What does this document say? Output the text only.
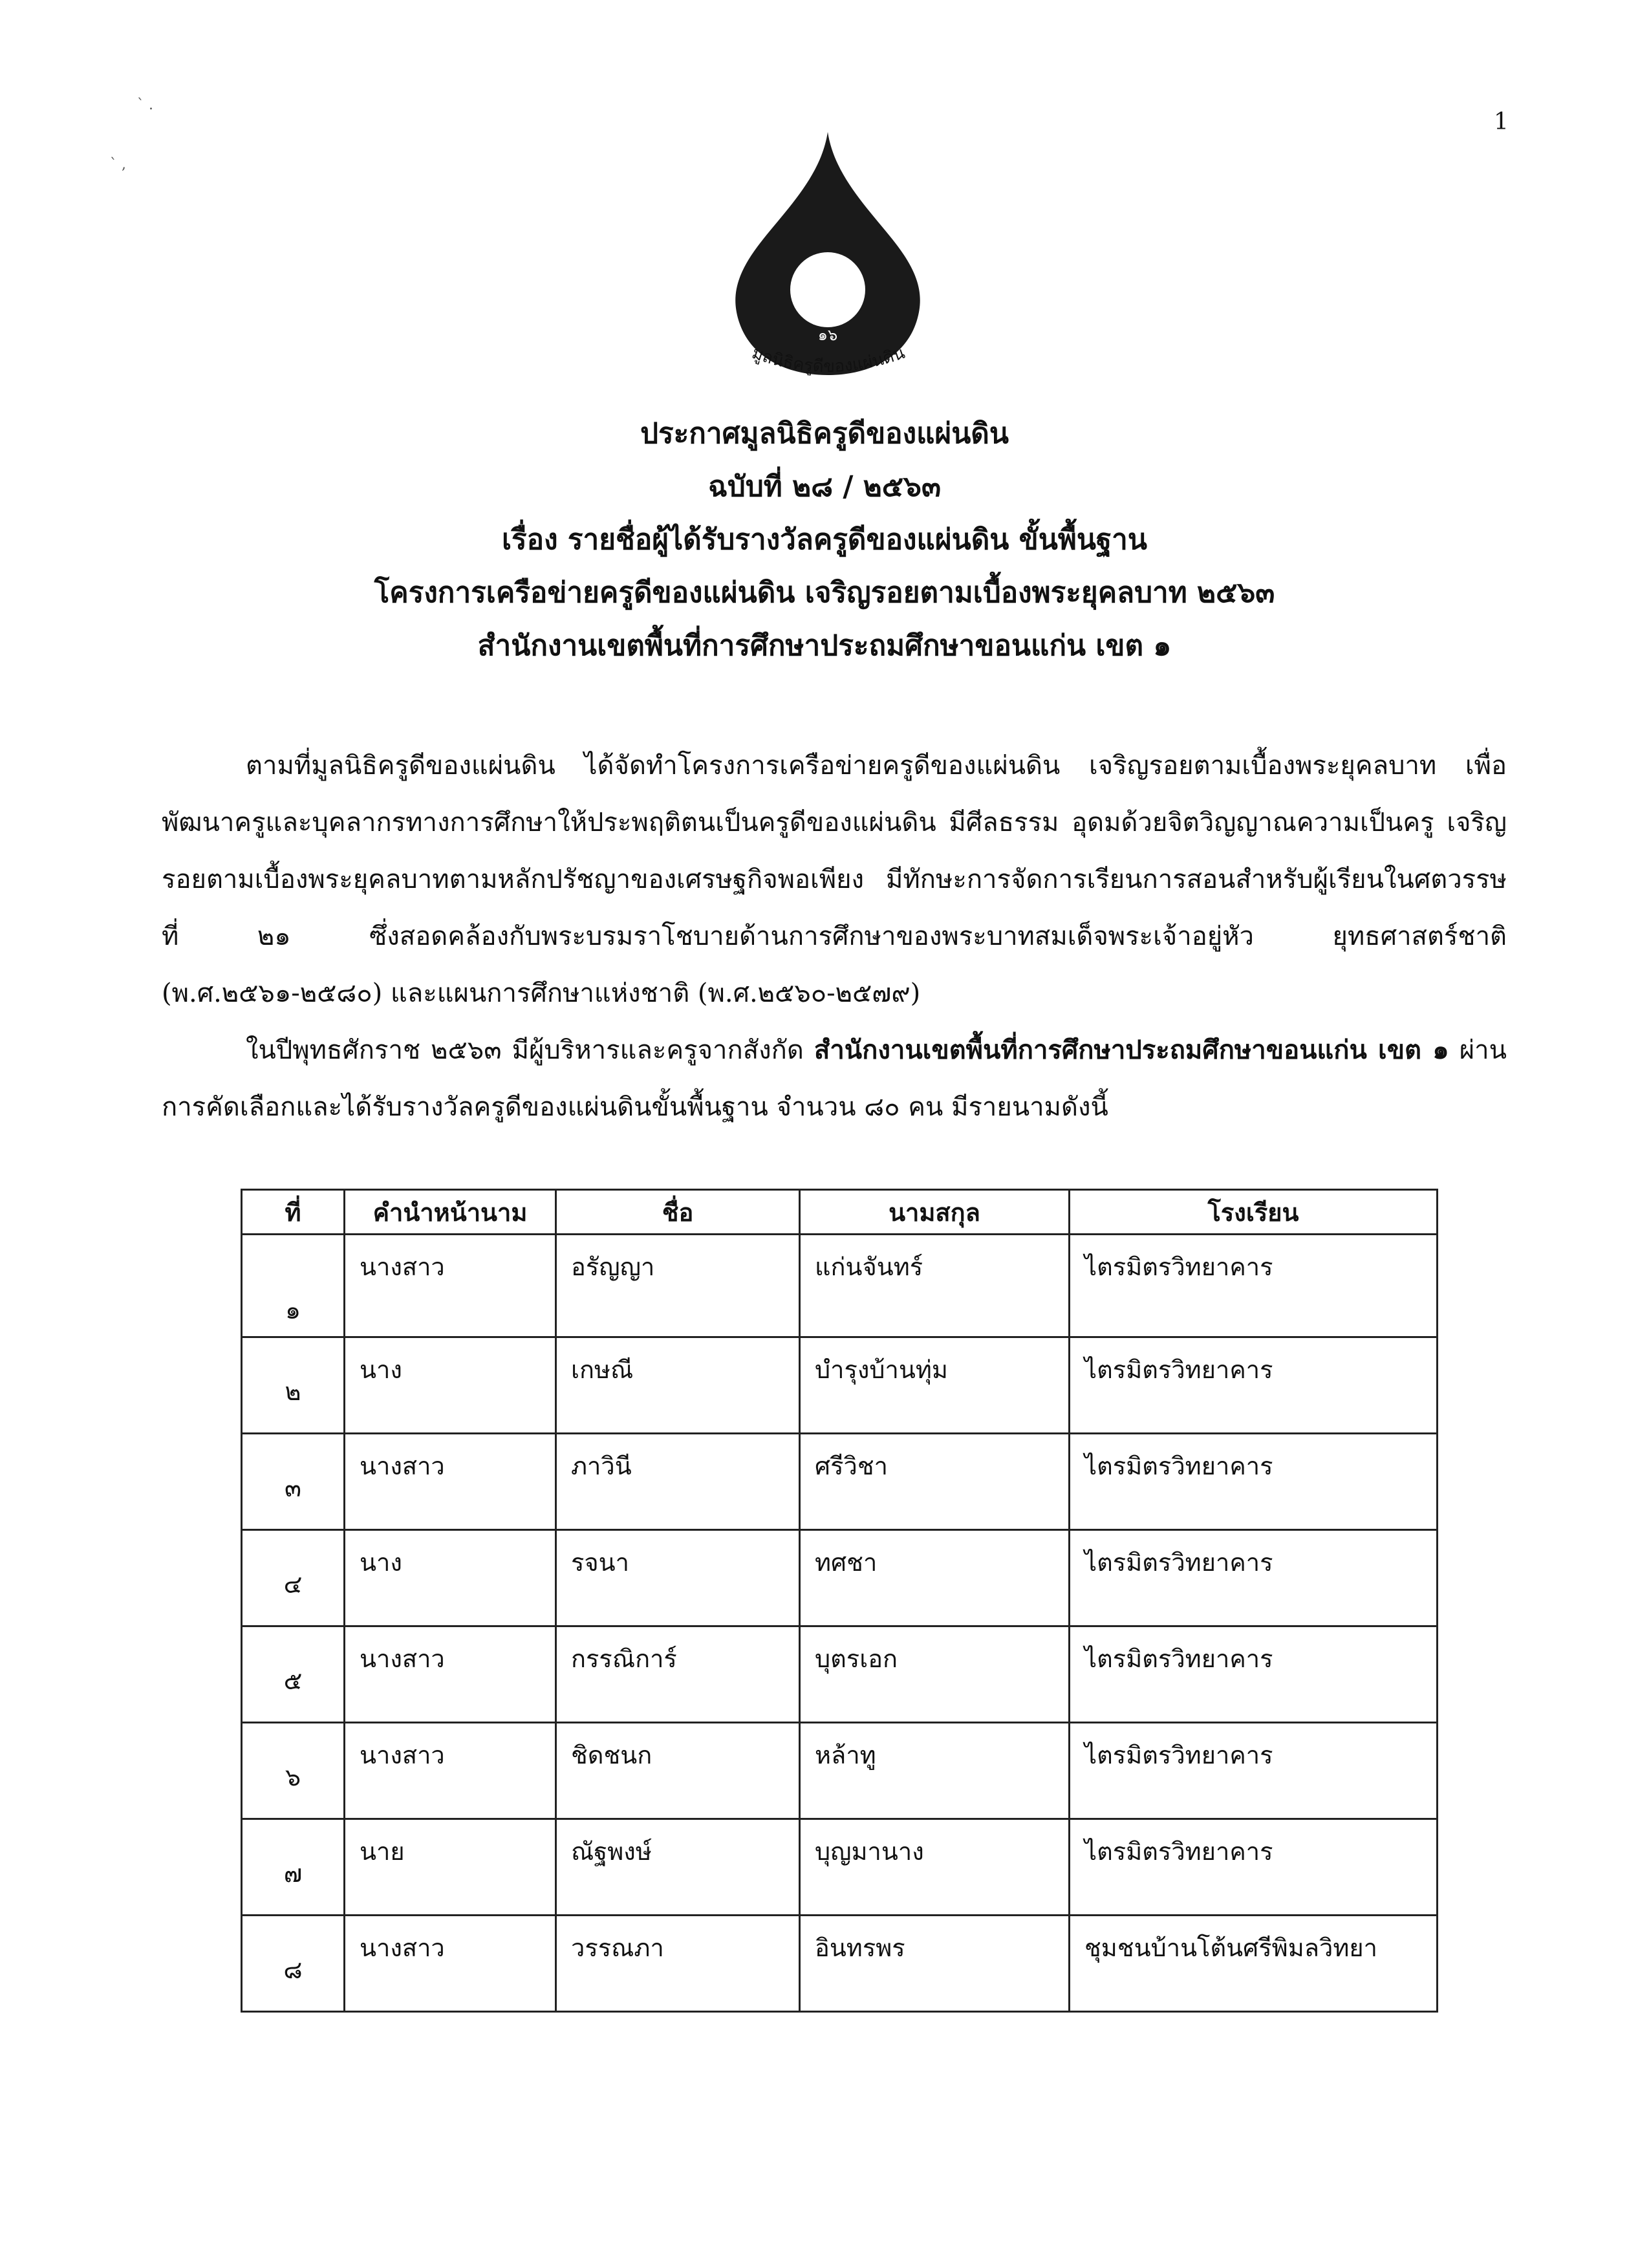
1
` .
` ,
๑๖
มูลนิธิครูดีของแผ่นดิน
ประกาศมูลนิธิครูดีของแผ่นดิน
ฉบับที่ ๒๘ / ๒๕๖๓
เรื่อง รายชื่อผู้ได้รับรางวัลครูดีของแผ่นดิน ขั้นพื้นฐาน
โครงการเครือข่ายครูดีของแผ่นดิน เจริญรอยตามเบื้องพระยุคลบาท ๒๕๖๓
สำนักงานเขตพื้นที่การศึกษาประถมศึกษาขอนแก่น เขต ๑

ตามที่มูลนิธิครูดีของแผ่นดิน ได้จัดทำโครงการเครือข่ายครูดีของแผ่นดิน เจริญรอยตามเบื้องพระยุคลบาท เพื่อพัฒนาครูและบุคลากรทางการศึกษาให้ประพฤติตนเป็นครูดีของแผ่นดิน มีศีลธรรม อุดมด้วยจิตวิญญาณความเป็นครู เจริญรอยตามเบื้องพระยุคลบาทตามหลักปรัชญาของเศรษฐกิจพอเพียง มีทักษะการจัดการเรียนการสอนสำหรับผู้เรียนในศตวรรษที่ ๒๑ ซึ่งสอดคล้องกับพระบรมราโชบายด้านการศึกษาของพระบาทสมเด็จพระเจ้าอยู่หัว ยุทธศาสตร์ชาติ (พ.ศ.๒๕๖๑-๒๕๘๐) และแผนการศึกษาแห่งชาติ (พ.ศ.๒๕๖๐-๒๕๗๙)

ในปีพุทธศักราช ๒๕๖๓ มีผู้บริหารและครูจากสังกัด สำนักงานเขตพื้นที่การศึกษาประถมศึกษาขอนแก่น เขต ๑ ผ่านการคัดเลือกและได้รับรางวัลครูดีของแผ่นดินขั้นพื้นฐาน จำนวน ๘๐ คน มีรายนามดังนี้

ที่	คำนำหน้านาม	ชื่อ	นามสกุล	โรงเรียน
๑	นางสาว	อรัญญา	แก่นจันทร์	ไตรมิตรวิทยาคาร
๒	นาง	เกษณี	บำรุงบ้านทุ่ม	ไตรมิตรวิทยาคาร
๓	นางสาว	ภาวินี	ศรีวิชา	ไตรมิตรวิทยาคาร
๔	นาง	รจนา	ทศชา	ไตรมิตรวิทยาคาร
๕	นางสาว	กรรณิการ์	บุตรเอก	ไตรมิตรวิทยาคาร
๖	นางสาว	ชิดชนก	หล้าทู	ไตรมิตรวิทยาคาร
๗	นาย	ณัฐพงษ์	บุญมานาง	ไตรมิตรวิทยาคาร
๘	นางสาว	วรรณภา	อินทรพร	ชุมชนบ้านโต้นศรีพิมลวิทยา
